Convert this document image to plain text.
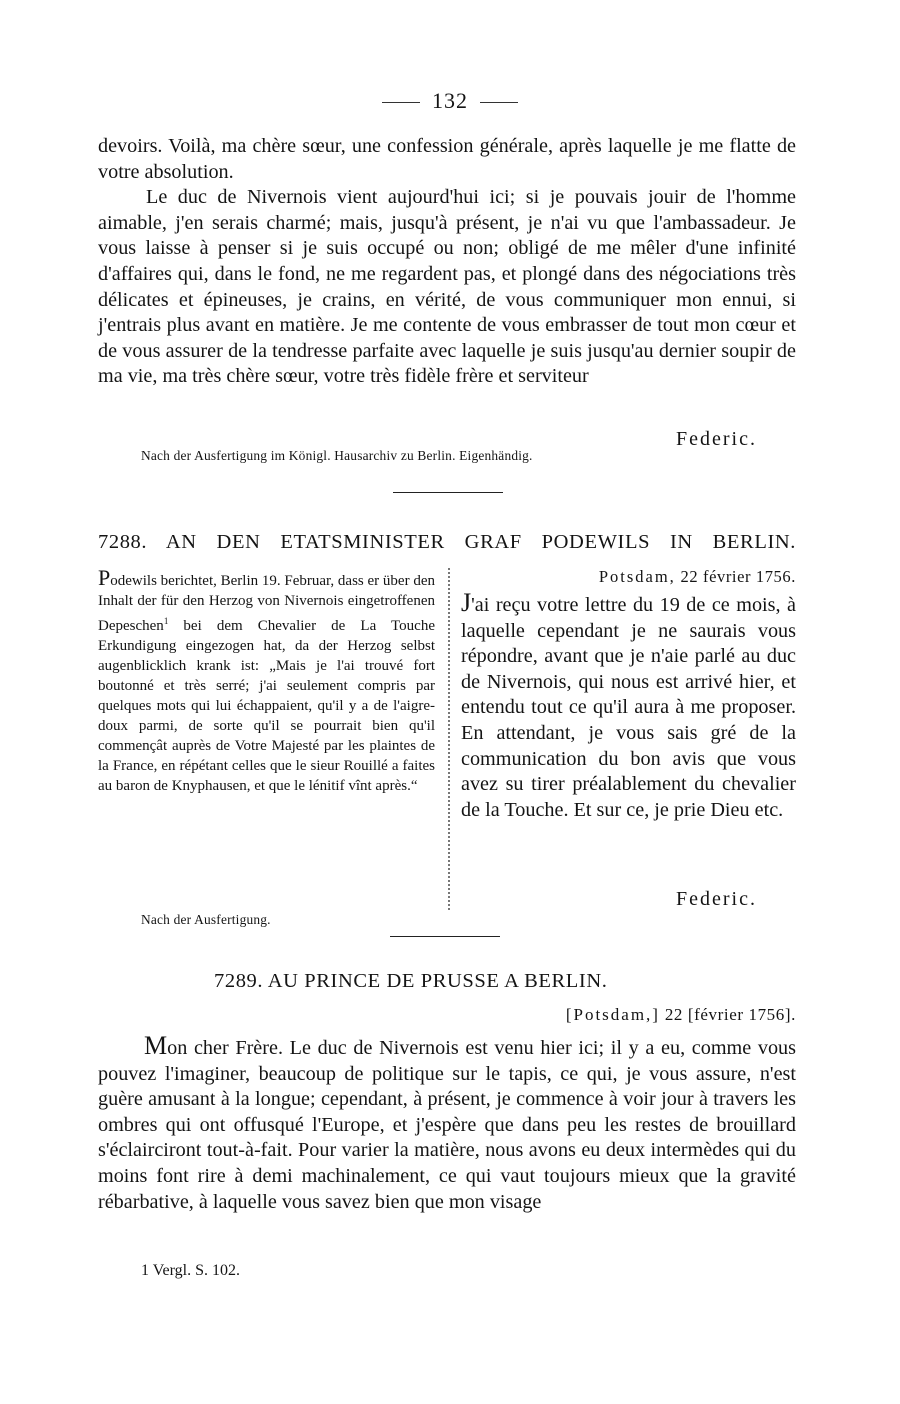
132
devoirs. Voilà, ma chère sœur, une confession générale, après laquelle je me flatte de votre absolution.
Le duc de Nivernois vient aujourd'hui ici; si je pouvais jouir de l'homme aimable, j'en serais charmé; mais, jusqu'à présent, je n'ai vu que l'ambassadeur. Je vous laisse à penser si je suis occupé ou non; obligé de me mêler d'une infinité d'affaires qui, dans le fond, ne me regardent pas, et plongé dans des négociations très délicates et épineuses, je crains, en vérité, de vous communiquer mon ennui, si j'entrais plus avant en matière. Je me contente de vous embrasser de tout mon cœur et de vous assurer de la tendresse parfaite avec laquelle je suis jusqu'au dernier soupir de ma vie, ma très chère sœur, votre très fidèle frère et serviteur
Federic.
Nach der Ausfertigung im Königl. Hausarchiv zu Berlin. Eigenhändig.
7288. AN DEN ETATSMINISTER GRAF PODEWILS IN BERLIN.
Podewils berichtet, Berlin 19. Februar, dass er über den Inhalt der für den Herzog von Nivernois eingetroffenen Depeschen$^1$ bei dem Chevalier de La Touche Erkundigung eingezogen hat, da der Herzog selbst augenblicklich krank ist: „Mais je l'ai trouvé fort boutonné et très serré; j'ai seulement compris par quelques mots qui lui échappaient, qu'il y a de l'aigre-doux parmi, de sorte qu'il se pourrait bien qu'il commençât auprès de Votre Majesté par les plaintes de la France, en répétant celles que le sieur Rouillé a faites au baron de Knyphausen, et que le lénitif vînt après.“
Potsdam, 22 février 1756.
J'ai reçu votre lettre du 19 de ce mois, à laquelle cependant je ne saurais vous répondre, avant que je n'aie parlé au duc de Nivernois, qui nous est arrivé hier, et entendu tout ce qu'il aura à me proposer. En attendant, je vous sais gré de la communication du bon avis que vous avez su tirer préalablement du chevalier de la Touche. Et sur ce, je prie Dieu etc.
Federic.
Nach der Ausfertigung.
7289. AU PRINCE DE PRUSSE A BERLIN.
[Potsdam,] 22 [février 1756].
Mon cher Frère. Le duc de Nivernois est venu hier ici; il y a eu, comme vous pouvez l'imaginer, beaucoup de politique sur le tapis, ce qui, je vous assure, n'est guère amusant à la longue; cependant, à présent, je commence à voir jour à travers les ombres qui ont offusqué l'Europe, et j'espère que dans peu les restes de brouillard s'éclairciront tout-à-fait. Pour varier la matière, nous avons eu deux intermèdes qui du moins font rire à demi machinalement, ce qui vaut toujours mieux que la gravité rébarbative, à laquelle vous savez bien que mon visage
1 Vergl. S. 102.
